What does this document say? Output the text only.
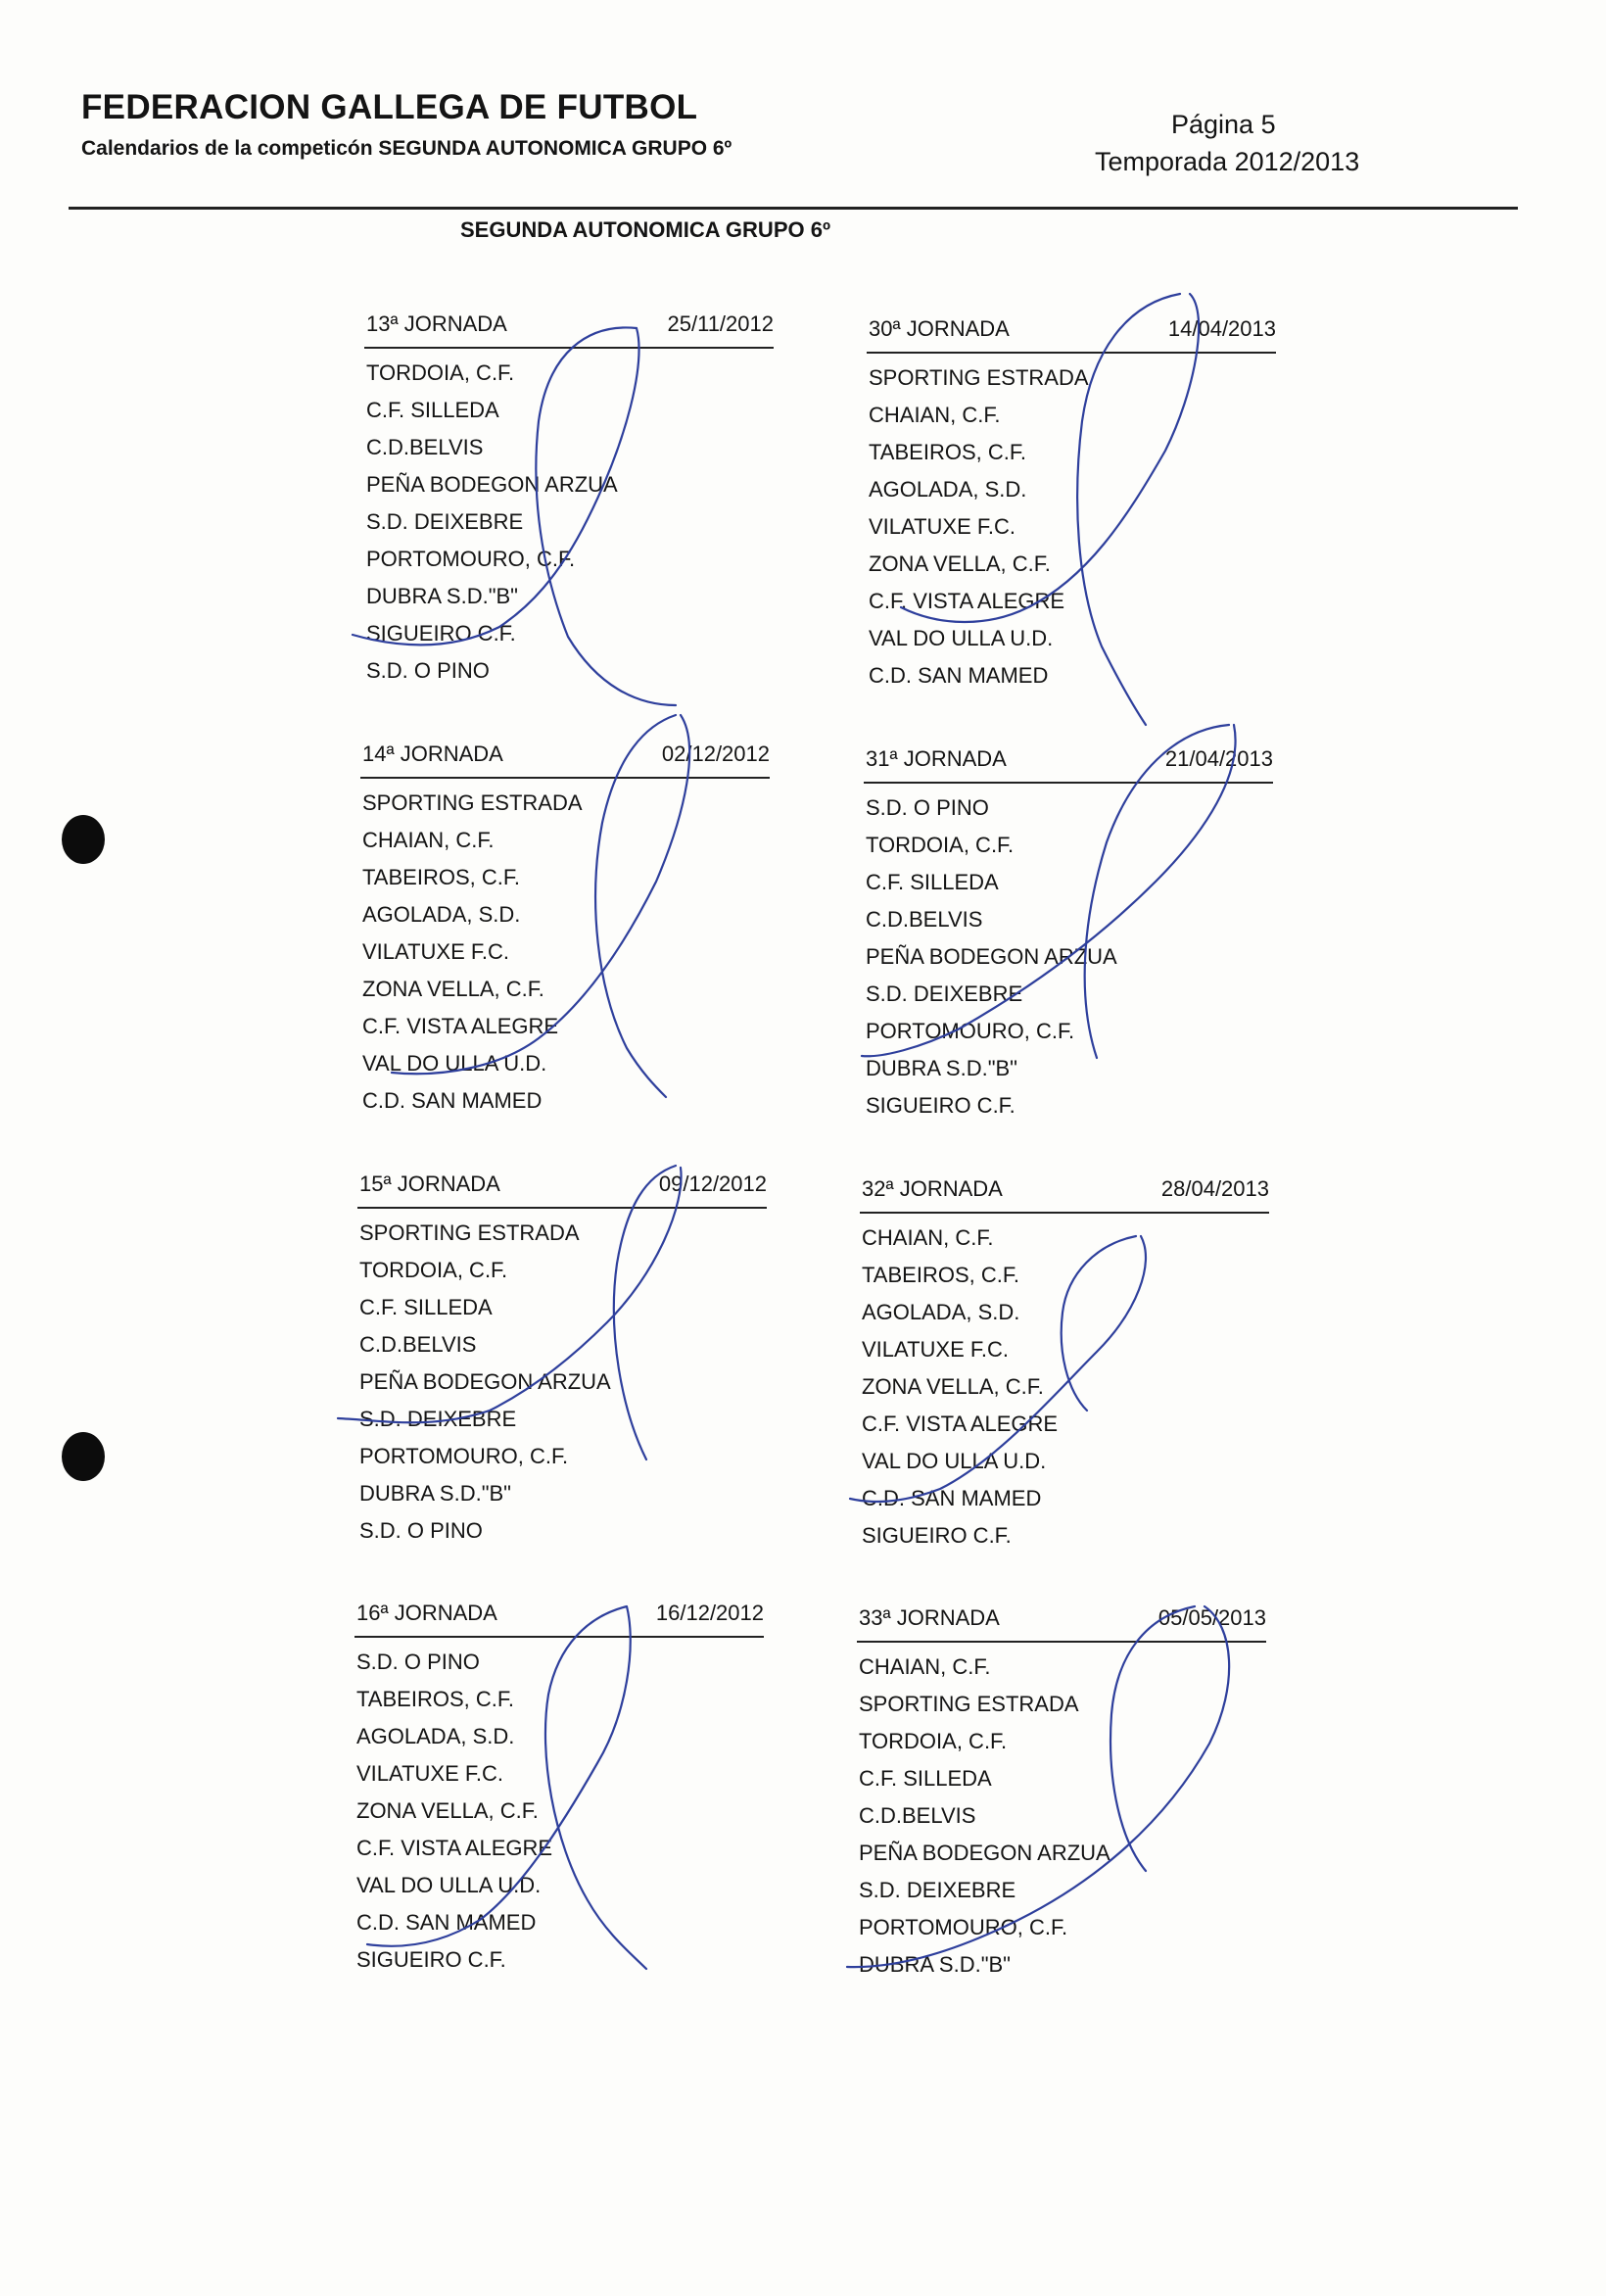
FEDERACION GALLEGA DE FUTBOL
Calendarios de la competicón SEGUNDA AUTONOMICA GRUPO 6º
Página 5
Temporada 2012/2013
SEGUNDA AUTONOMICA GRUPO 6º
13ª JORNADA	25/11/2012
TORDOIA, C.F.
C.F. SILLEDA
C.D.BELVIS
PEÑA BODEGON ARZUA
S.D. DEIXEBRE
PORTOMOURO, C.F.
DUBRA S.D."B"
SIGUEIRO C.F.
S.D. O PINO
30ª JORNADA	14/04/2013
SPORTING ESTRADA
CHAIAN, C.F.
TABEIROS, C.F.
AGOLADA, S.D.
VILATUXE F.C.
ZONA VELLA, C.F.
C.F. VISTA ALEGRE
VAL DO ULLA U.D.
C.D. SAN MAMED
14ª JORNADA	02/12/2012
SPORTING ESTRADA
CHAIAN, C.F.
TABEIROS, C.F.
AGOLADA, S.D.
VILATUXE F.C.
ZONA VELLA, C.F.
C.F. VISTA ALEGRE
VAL DO ULLA U.D.
C.D. SAN MAMED
31ª JORNADA	21/04/2013
S.D. O PINO
TORDOIA, C.F.
C.F. SILLEDA
C.D.BELVIS
PEÑA BODEGON ARZUA
S.D. DEIXEBRE
PORTOMOURO, C.F.
DUBRA S.D."B"
SIGUEIRO C.F.
15ª JORNADA	09/12/2012
SPORTING ESTRADA
TORDOIA, C.F.
C.F. SILLEDA
C.D.BELVIS
PEÑA BODEGON ARZUA
S.D. DEIXEBRE
PORTOMOURO, C.F.
DUBRA S.D."B"
S.D. O PINO
32ª JORNADA	28/04/2013
CHAIAN, C.F.
TABEIROS, C.F.
AGOLADA, S.D.
VILATUXE F.C.
ZONA VELLA, C.F.
C.F. VISTA ALEGRE
VAL DO ULLA U.D.
C.D. SAN MAMED
SIGUEIRO C.F.
16ª JORNADA	16/12/2012
S.D. O PINO
TABEIROS, C.F.
AGOLADA, S.D.
VILATUXE F.C.
ZONA VELLA, C.F.
C.F. VISTA ALEGRE
VAL DO ULLA U.D.
C.D. SAN MAMED
SIGUEIRO C.F.
33ª JORNADA	05/05/2013
CHAIAN, C.F.
SPORTING ESTRADA
TORDOIA, C.F.
C.F. SILLEDA
C.D.BELVIS
PEÑA BODEGON ARZUA
S.D. DEIXEBRE
PORTOMOURO, C.F.
DUBRA S.D."B"
